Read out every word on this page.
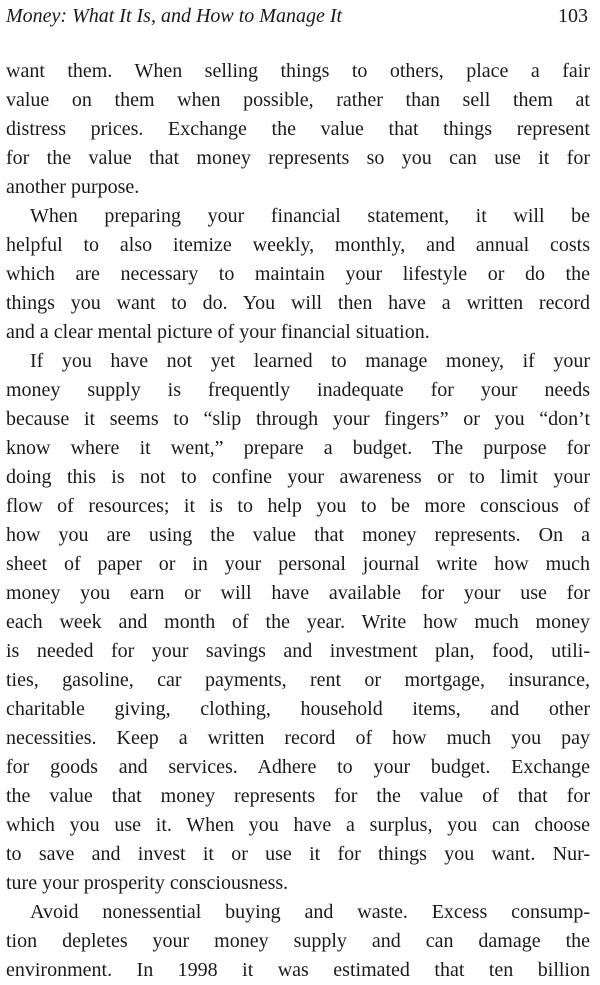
Money: What It Is, and How to Manage It	103
want them. When selling things to others, place a fair
value on them when possible, rather than sell them at
distress prices. Exchange the value that things represent
for the value that money represents so you can use it for
another purpose.
When preparing your financial statement, it will be
helpful to also itemize weekly, monthly, and annual costs
which are necessary to maintain your lifestyle or do the
things you want to do. You will then have a written record
and a clear mental picture of your financial situation.
If you have not yet learned to manage money, if your
money supply is frequently inadequate for your needs
because it seems to “slip through your fingers” or you “don’t
know where it went,” prepare a budget. The purpose for
doing this is not to confine your awareness or to limit your
flow of resources; it is to help you to be more conscious of
how you are using the value that money represents. On a
sheet of paper or in your personal journal write how much
money you earn or will have available for your use for
each week and month of the year. Write how much money
is needed for your savings and investment plan, food, utili-
ties, gasoline, car payments, rent or mortgage, insurance,
charitable giving, clothing, household items, and other
necessities. Keep a written record of how much you pay
for goods and services. Adhere to your budget. Exchange
the value that money represents for the value of that for
which you use it. When you have a surplus, you can choose
to save and invest it or use it for things you want. Nur-
ture your prosperity consciousness.
Avoid nonessential buying and waste. Excess consump-
tion depletes your money supply and can damage the
environment. In 1998 it was estimated that ten billion
